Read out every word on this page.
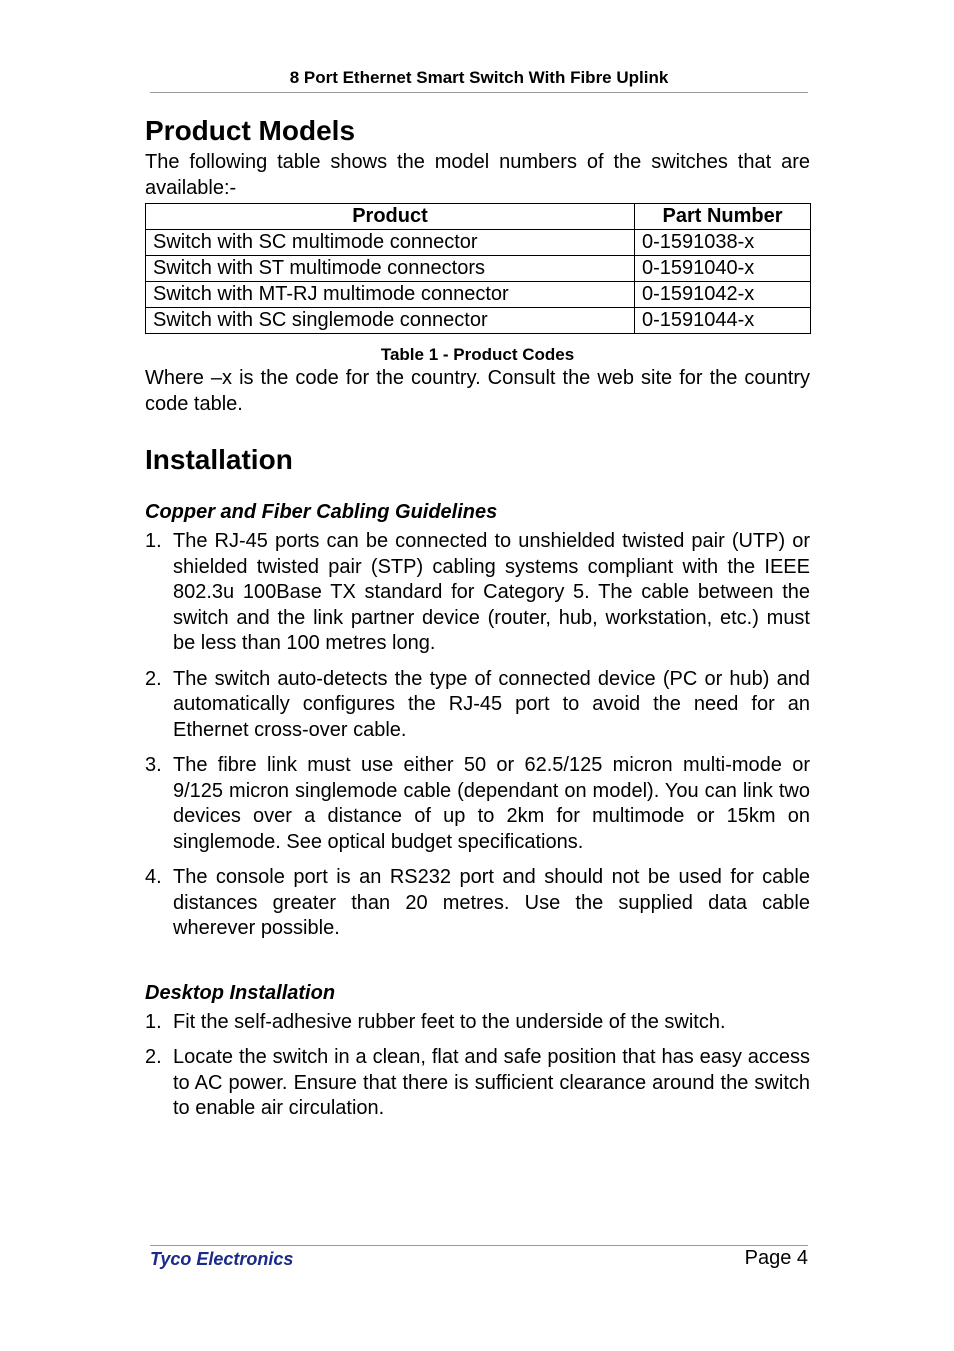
8 Port Ethernet Smart Switch With Fibre Uplink
Product Models

The following table shows the model numbers of the switches that are available:-

Product	Part Number
Switch with SC multimode connector	0-1591038-x
Switch with ST multimode connectors	0-1591040-x
Switch with MT-RJ multimode connector	0-1591042-x
Switch with SC singlemode connector	0-1591044-x
Table 1 - Product Codes

Where –x is the code for the country. Consult the web site for the country code table.

Installation
Copper and Fiber Cabling Guidelines
1. The RJ-45 ports can be connected to unshielded twisted pair (UTP) or shielded twisted pair (STP) cabling systems compliant with the IEEE 802.3u 100Base TX standard for Category 5. The cable between the switch and the link partner device (router, hub, workstation, etc.) must be less than 100 metres long.
2. The switch auto-detects the type of connected device (PC or hub) and automatically configures the RJ-45 port to avoid the need for an Ethernet cross-over cable.
3. The fibre link must use either 50 or 62.5/125 micron multi-mode or 9/125 micron singlemode cable (dependant on model). You can link two devices over a distance of up to 2km for multimode or 15km on singlemode. See optical budget specifications.
4. The console port is an RS232 port and should not be used for cable distances greater than 20 metres. Use the supplied data cable wherever possible.
Desktop Installation
1. Fit the self-adhesive rubber feet to the underside of the switch.
2. Locate the switch in a clean, flat and safe position that has easy access to AC power. Ensure that there is sufficient clearance around the switch to enable air circulation.
Tyco Electronics	Page 4
